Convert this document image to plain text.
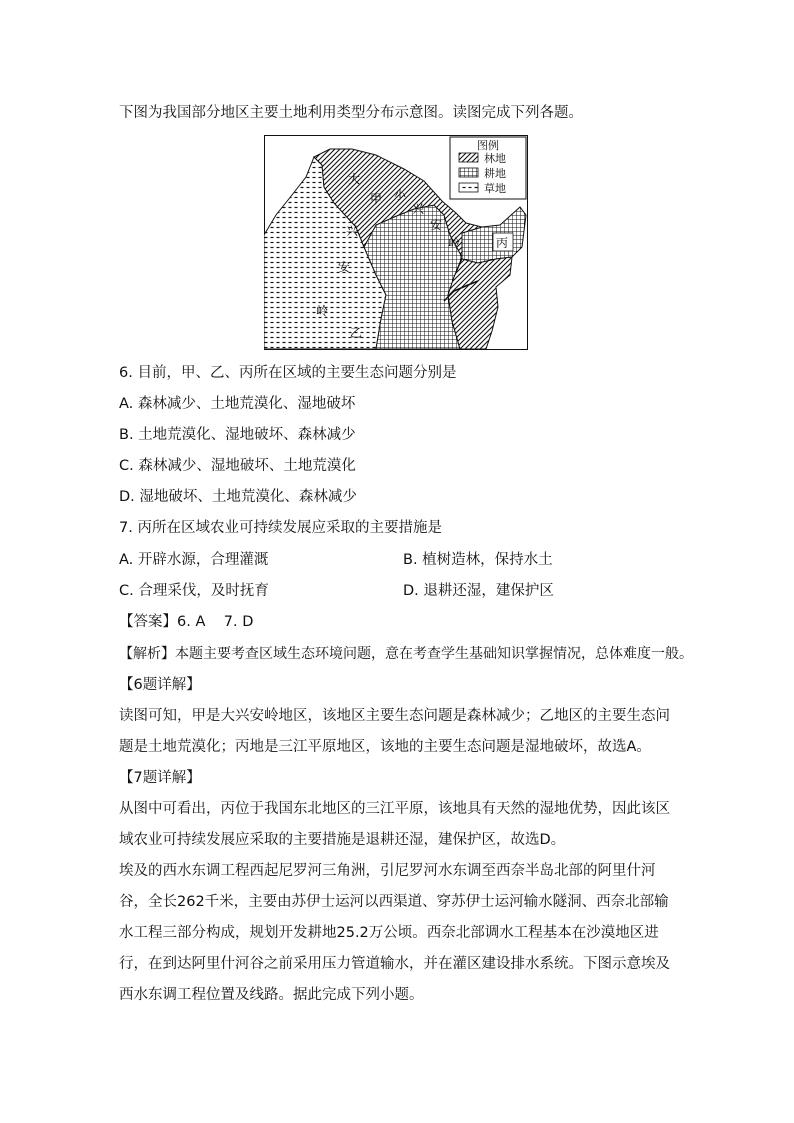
下图为我国部分地区主要土地利用类型分布示意图。读图完成下列各题。
图例
林地
耕地
草地
大
兴
安
岭
甲 小
兴
安
岭
乙
丙
6. 目前，甲、乙、丙所在区域的主要生态问题分别是
A. 森林减少、土地荒漠化、湿地破坏
B. 土地荒漠化、湿地破坏、森林减少
C. 森林减少、湿地破坏、土地荒漠化
D. 湿地破坏、土地荒漠化、森林减少
7. 丙所在区域农业可持续发展应采取的主要措施是
A. 开辟水源，合理灌溉	B. 植树造林，保持水土
C. 合理采伐，及时抚育	D. 退耕还湿，建保护区
【答案】6. A    7. D
【解析】本题主要考查区域生态环境问题，意在考查学生基础知识掌握情况，总体难度一般。
【6题详解】
读图可知，甲是大兴安岭地区，该地区主要生态问题是森林减少；乙地区的主要生态问题是土地荒漠化；丙地是三江平原地区，该地的主要生态问题是湿地破坏，故选A。
【7题详解】
从图中可看出，丙位于我国东北地区的三江平原，该地具有天然的湿地优势，因此该区域农业可持续发展应采取的主要措施是退耕还湿，建保护区，故选D。
埃及的西水东调工程西起尼罗河三角洲，引尼罗河水东调至西奈半岛北部的阿里什河谷，全长262千米，主要由苏伊士运河以西渠道、穿苏伊士运河输水隧洞、西奈北部输水工程三部分构成，规划开发耕地25.2万公顷。西奈北部调水工程基本在沙漠地区进行，在到达阿里什河谷之前采用压力管道输水，并在灌区建设排水系统。下图示意埃及西水东调工程位置及线路。据此完成下列小题。
